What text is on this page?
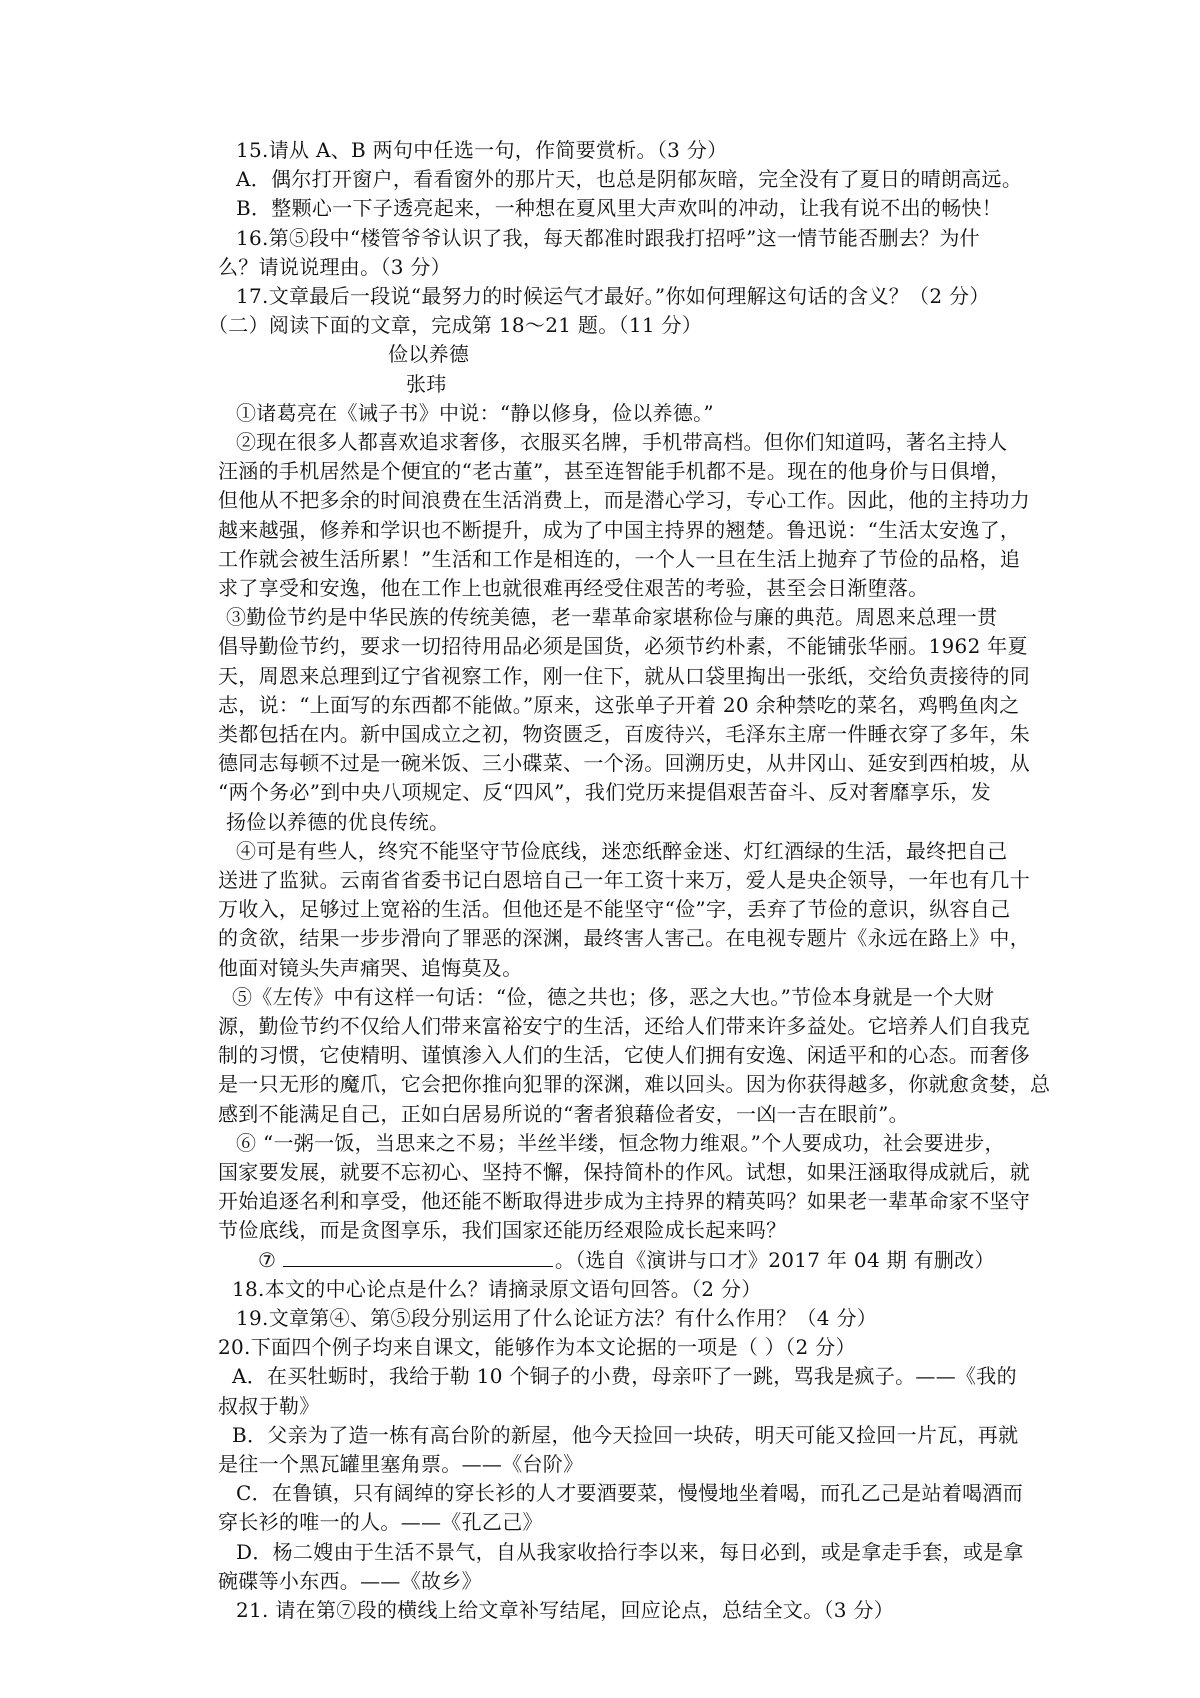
15.请从 A、B 两句中任选一句，作简要赏析。（3 分）
A．偶尔打开窗户，看看窗外的那片天，也总是阴郁灰暗，完全没有了夏日的晴朗高远。
B．整颗心一下子透亮起来，一种想在夏风里大声欢叫的冲动，让我有说不出的畅快！
16.第⑤段中“楼管爷爷认识了我，每天都准时跟我打招呼”这一情节能否删去？为什
么？请说说理由。（3 分）
17.文章最后一段说“最努力的时候运气才最好。”你如何理解这句话的含义？（2 分）
（二）阅读下面的文章，完成第 18～21 题。（11 分）
俭以养德
张玮
①诸葛亮在《诫子书》中说：“静以修身，俭以养德。”
②现在很多人都喜欢追求奢侈，衣服买名牌，手机带高档。但你们知道吗，著名主持人
汪涵的手机居然是个便宜的“老古董”，甚至连智能手机都不是。现在的他身价与日俱增，
但他从不把多余的时间浪费在生活消费上，而是潜心学习，专心工作。因此，他的主持功力
越来越强，修养和学识也不断提升，成为了中国主持界的翘楚。鲁迅说：“生活太安逸了，
工作就会被生活所累！”生活和工作是相连的，一个人一旦在生活上抛弃了节俭的品格，追
求了享受和安逸，他在工作上也就很难再经受住艰苦的考验，甚至会日渐堕落。
③勤俭节约是中华民族的传统美德，老一辈革命家堪称俭与廉的典范。周恩来总理一贯
倡导勤俭节约，要求一切招待用品必须是国货，必须节约朴素，不能铺张华丽。1962 年夏
天，周恩来总理到辽宁省视察工作，刚一住下，就从口袋里掏出一张纸，交给负责接待的同
志，说：“上面写的东西都不能做。”原来，这张单子开着 20 余种禁吃的菜名，鸡鸭鱼肉之
类都包括在内。新中国成立之初，物资匮乏，百废待兴，毛泽东主席一件睡衣穿了多年，朱
德同志每顿不过是一碗米饭、三小碟菜、一个汤。回溯历史，从井冈山、延安到西柏坡，从
“两个务必”到中央八项规定、反“四风”，我们党历来提倡艰苦奋斗、反对奢靡享乐，发
扬俭以养德的优良传统。
④可是有些人，终究不能坚守节俭底线，迷恋纸醉金迷、灯红酒绿的生活，最终把自己
送进了监狱。云南省省委书记白恩培自己一年工资十来万，爱人是央企领导，一年也有几十
万收入，足够过上宽裕的生活。但他还是不能坚守“俭”字，丢弃了节俭的意识，纵容自己
的贪欲，结果一步步滑向了罪恶的深渊，最终害人害己。在电视专题片《永远在路上》中，
他面对镜头失声痛哭、追悔莫及。
⑤《左传》中有这样一句话：“俭，德之共也；侈，恶之大也。”节俭本身就是一个大财
源，勤俭节约不仅给人们带来富裕安宁的生活，还给人们带来许多益处。它培养人们自我克
制的习惯，它使精明、谨慎渗入人们的生活，它使人们拥有安逸、闲适平和的心态。而奢侈
是一只无形的魔爪，它会把你推向犯罪的深渊，难以回头。因为你获得越多，你就愈贪婪，总
感到不能满足自己，正如白居易所说的“奢者狼藉俭者安，一凶一吉在眼前”。
⑥ “一粥一饭，当思来之不易；半丝半缕，恒念物力维艰。”个人要成功，社会要进步，
国家要发展，就要不忘初心、坚持不懈，保持简朴的作风。试想，如果汪涵取得成就后，就
开始追逐名利和享受，他还能不断取得进步成为主持界的精英吗？如果老一辈革命家不坚守
节俭底线，而是贪图享乐，我们国家还能历经艰险成长起来吗？
⑦	。（选自《演讲与口才》2017 年 04 期 有删改）
18.本文的中心论点是什么？请摘录原文语句回答。（2 分）
19.文章第④、第⑤段分别运用了什么论证方法？有什么作用？（4 分）
20.下面四个例子均来自课文，能够作为本文论据的一项是（ ）（2 分）
A．在买牡蛎时，我给于勒 10 个铜子的小费，母亲吓了一跳，骂我是疯子。——《我的
叔叔于勒》
B．父亲为了造一栋有高台阶的新屋，他今天捡回一块砖，明天可能又捡回一片瓦，再就
是往一个黑瓦罐里塞角票。——《台阶》
C．在鲁镇，只有阔绰的穿长衫的人才要酒要菜，慢慢地坐着喝，而孔乙己是站着喝酒而
穿长衫的唯一的人。——《孔乙己》
D．杨二嫂由于生活不景气，自从我家收拾行李以来，每日必到，或是拿走手套，或是拿
碗碟等小东西。——《故乡》
21. 请在第⑦段的横线上给文章补写结尾，回应论点，总结全文。（3 分）
